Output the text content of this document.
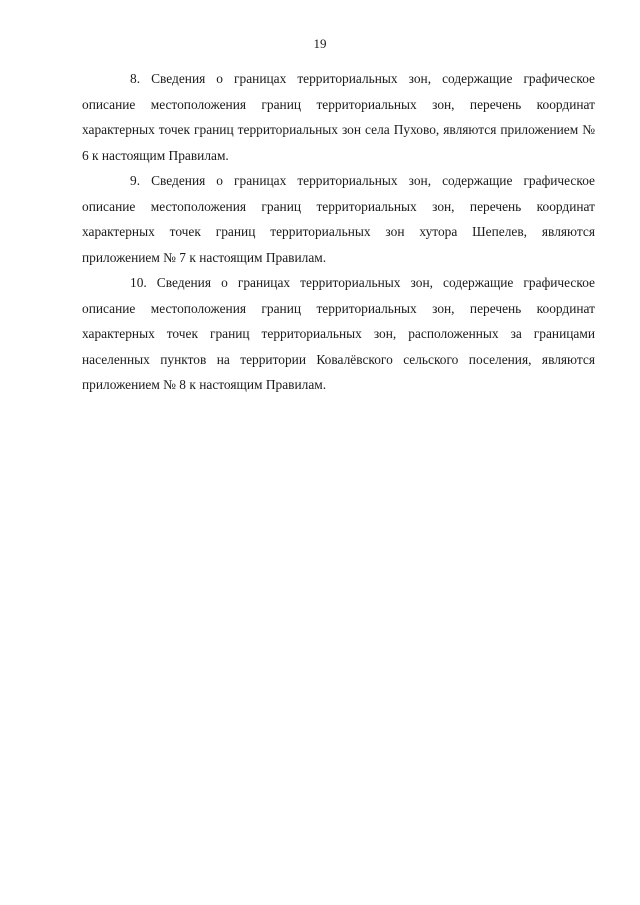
19

8. Сведения о границах территориальных зон, содержащие графическое описание местоположения границ территориальных зон, перечень координат характерных точек границ территориальных зон села Пухово, являются приложением № 6 к настоящим Правилам.

9. Сведения о границах территориальных зон, содержащие графическое описание местоположения границ территориальных зон, перечень координат характерных точек границ территориальных зон хутора Шепелев, являются приложением № 7 к настоящим Правилам.

10. Сведения о границах территориальных зон, содержащие графическое описание местоположения границ территориальных зон, перечень координат характерных точек границ территориальных зон, расположенных за границами населенных пунктов на территории Ковалёвского сельского поселения, являются приложением № 8 к настоящим Правилам.
